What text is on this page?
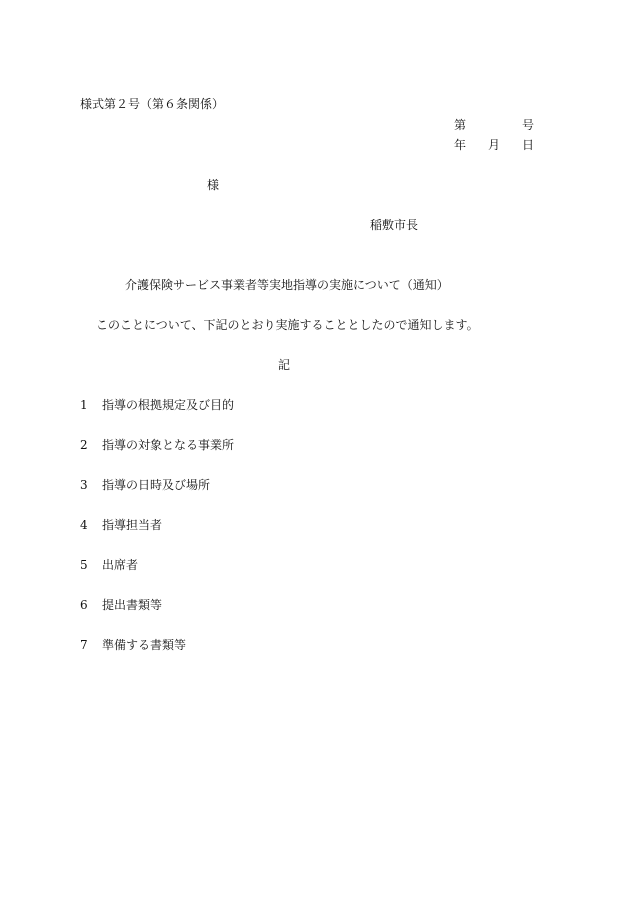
様式第２号（第６条関係）
第	号
年 月 日
様
稲敷市長
介護保険サービス事業者等実地指導の実施について（通知）
このことについて、下記のとおり実施することとしたので通知します。
記
1 指導の根拠規定及び目的
2 指導の対象となる事業所
3 指導の日時及び場所
4 指導担当者
5 出席者
6 提出書類等
7 準備する書類等
